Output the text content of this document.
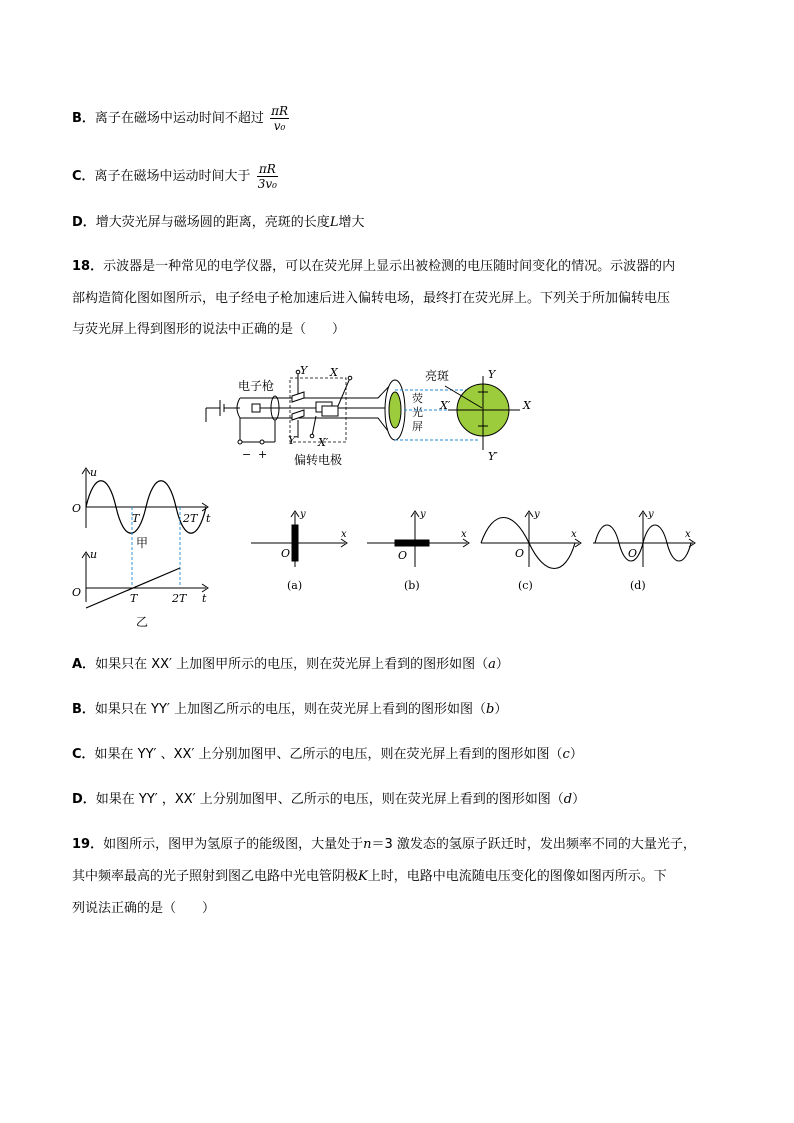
B．离子在磁场中运动时间不超过 $\frac{\pi R}{\text{v₀}}$
C．离子在磁场中运动时间大于 $\frac{\pi R}{\text{3v₀}}$
D．增大荧光屏与磁场圆的距离，亮斑的长度L增大
18．示波器是一种常见的电学仪器，可以在荧光屏上显示出被检测的电压随时间变化的情况。示波器的内
部构造简化图如图所示，电子经电子枪加速后进入偏转电场，最终打在荧光屏上。下列关于所加偏转电压
与荧光屏上得到图形的说法中正确的是（　　）
− +
电子枪
Y
Y′
X
X′
偏转电极
亮斑
荧
光
屏
Y
Y′
X
X′
u
O
T	2T t
甲
u
O	T	2T t
乙
y
x
O
(a)
y
x
O
(b)
y
x
O
(c)
y
x
O
(d)
A．如果只在 XX′ 上加图甲所示的电压，则在荧光屏上看到的图形如图（a）
B．如果只在 YY′ 上加图乙所示的电压，则在荧光屏上看到的图形如图（b）
C．如果在 YY′ 、XX′ 上分别加图甲、乙所示的电压，则在荧光屏上看到的图形如图（c）
D．如果在 YY′ ，XX′ 上分别加图甲、乙所示的电压，则在荧光屏上看到的图形如图（d）
19．如图所示，图甲为氢原子的能级图，大量处于n＝3 激发态的氢原子跃迁时，发出频率不同的大量光子，
其中频率最高的光子照射到图乙电路中光电管阴极K上时，电路中电流随电压变化的图像如图丙所示。下
列说法正确的是（　　）
